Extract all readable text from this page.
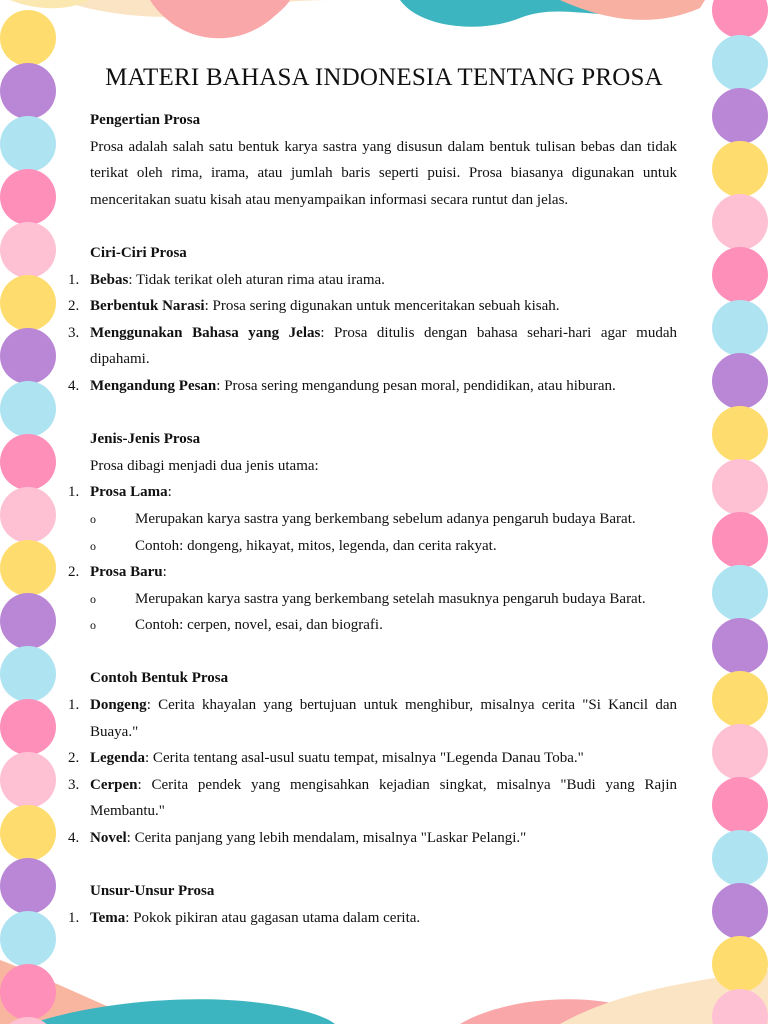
MATERI BAHASA INDONESIA TENTANG PROSA

Pengertian Prosa

Prosa adalah salah satu bentuk karya sastra yang disusun dalam bentuk tulisan bebas dan tidak terikat oleh rima, irama, atau jumlah baris seperti puisi. Prosa biasanya digunakan untuk menceritakan suatu kisah atau menyampaikan informasi secara runtut dan jelas.

Ciri-Ciri Prosa

1. Bebas: Tidak terikat oleh aturan rima atau irama.
2. Berbentuk Narasi: Prosa sering digunakan untuk menceritakan sebuah kisah.
3. Menggunakan Bahasa yang Jelas: Prosa ditulis dengan bahasa sehari-hari agar mudah dipahami.
4. Mengandung Pesan: Prosa sering mengandung pesan moral, pendidikan, atau hiburan.

Jenis-Jenis Prosa

Prosa dibagi menjadi dua jenis utama:

1. Prosa Lama:
o	Merupakan karya sastra yang berkembang sebelum adanya pengaruh budaya Barat.
o	Contoh: dongeng, hikayat, mitos, legenda, dan cerita rakyat.
2. Prosa Baru:
o	Merupakan karya sastra yang berkembang setelah masuknya pengaruh budaya Barat.
o	Contoh: cerpen, novel, esai, dan biografi.

Contoh Bentuk Prosa

1. Dongeng: Cerita khayalan yang bertujuan untuk menghibur, misalnya cerita "Si Kancil dan Buaya."
2. Legenda: Cerita tentang asal-usul suatu tempat, misalnya "Legenda Danau Toba."
3. Cerpen: Cerita pendek yang mengisahkan kejadian singkat, misalnya "Budi yang Rajin Membantu."
4. Novel: Cerita panjang yang lebih mendalam, misalnya "Laskar Pelangi."

Unsur-Unsur Prosa

1. Tema: Pokok pikiran atau gagasan utama dalam cerita.
